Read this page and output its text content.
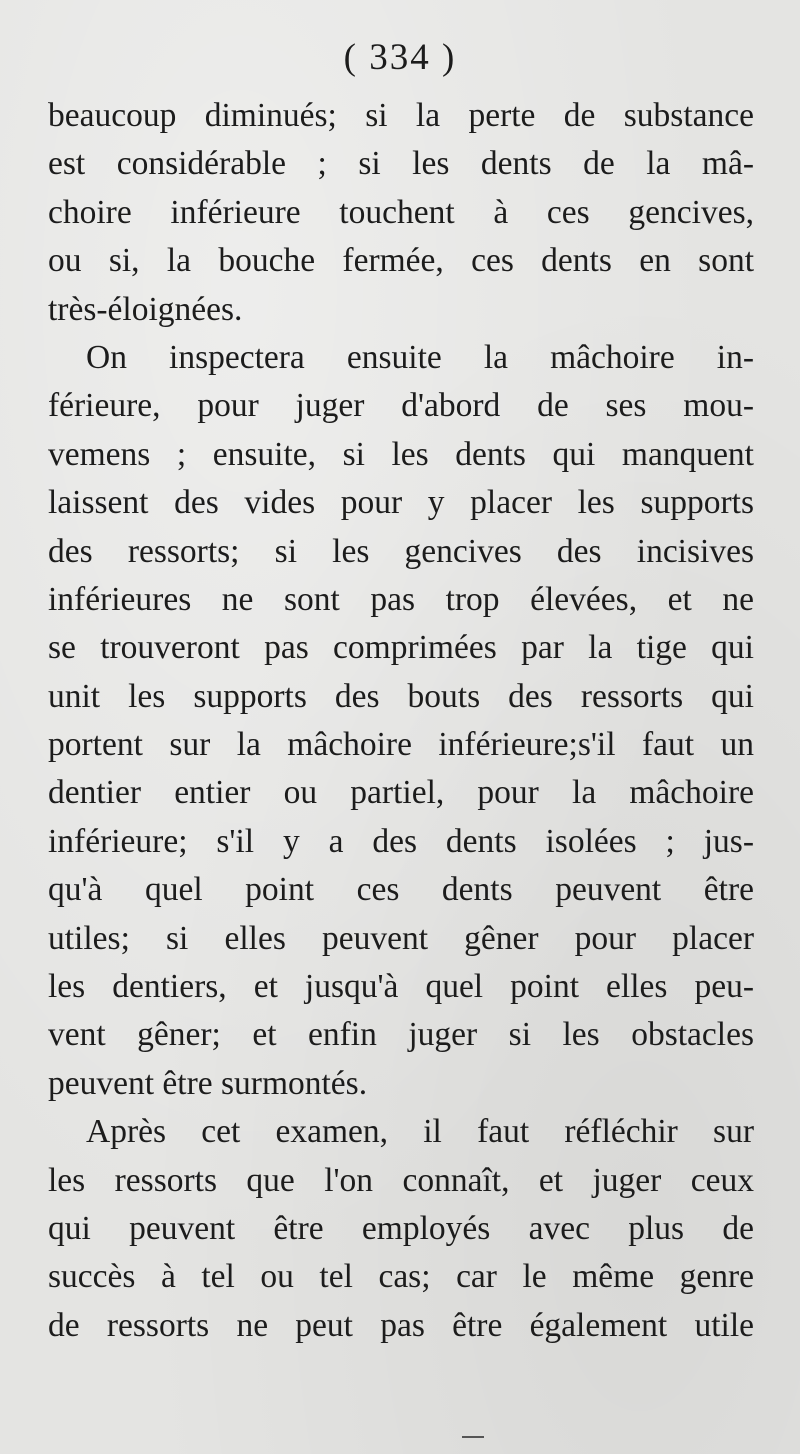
( 334 )
beaucoup diminués; si la perte de substance
est considérable ; si les dents de la mâ-
choire inférieure touchent à ces gencives,
ou si, la bouche fermée, ces dents en sont
très-éloignées.
On inspectera ensuite la mâchoire in-
férieure, pour juger d'abord de ses mou-
vemens ; ensuite, si les dents qui manquent
laissent des vides pour y placer les supports
des ressorts; si les gencives des incisives
inférieures ne sont pas trop élevées, et ne
se trouveront pas comprimées par la tige qui
unit les supports des bouts des ressorts qui
portent sur la mâchoire inférieure;s'il faut un
dentier entier ou partiel, pour la mâchoire
inférieure; s'il y a des dents isolées ; jus-
qu'à quel point ces dents peuvent être
utiles; si elles peuvent gêner pour placer
les dentiers, et jusqu'à quel point elles peu-
vent gêner; et enfin juger si les obstacles
peuvent être surmontés.
Après cet examen, il faut réfléchir sur
les ressorts que l'on connaît, et juger ceux
qui peuvent être employés avec plus de
succès à tel ou tel cas; car le même genre
de ressorts ne peut pas être également utile
